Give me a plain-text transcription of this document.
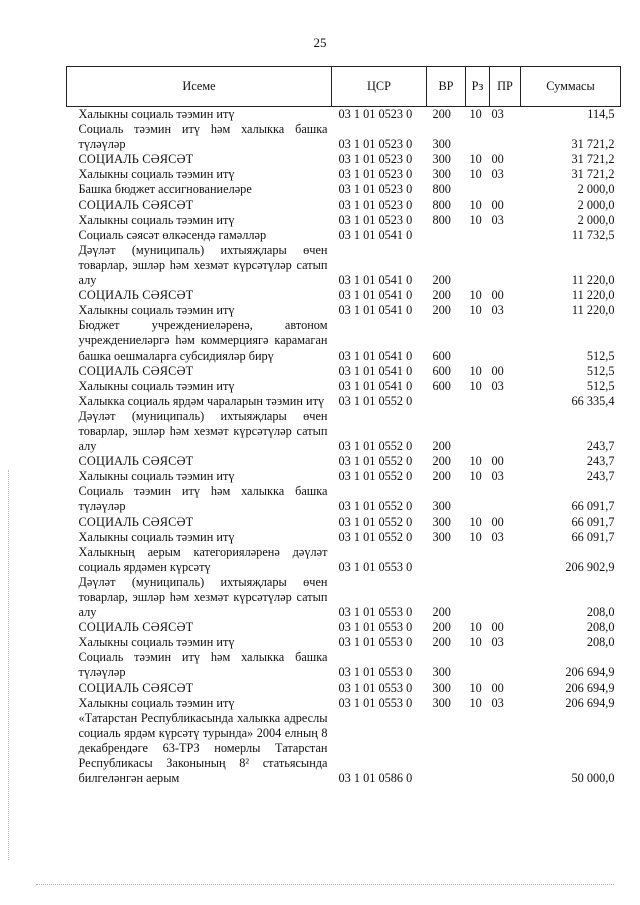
25
Исеме	ЦСР	ВР	Рз	ПР	Суммасы
Халыкны социаль тәэмин итү	03 1 01 0523 0	200	10	03	114,5
Социаль тәэмин итү һәм халыкка башка түләүләр	03 1 01 0523 0	300			31 721,2
СОЦИАЛЬ СӘЯСӘТ	03 1 01 0523 0	300	10	00	31 721,2
Халыкны социаль тәэмин итү	03 1 01 0523 0	300	10	03	31 721,2
Башка бюджет ассигнованиеләре	03 1 01 0523 0	800			2 000,0
СОЦИАЛЬ СӘЯСӘТ	03 1 01 0523 0	800	10	00	2 000,0
Халыкны социаль тәэмин итү	03 1 01 0523 0	800	10	03	2 000,0
Социаль сәясәт өлкәсендә гамәлләр	03 1 01 0541 0				11 732,5
Дәүләт (муниципаль) ихтыяҗлары өчен товарлар, эшләр һәм хезмәт күрсәтүләр сатып алу	03 1 01 0541 0	200			11 220,0
СОЦИАЛЬ СӘЯСӘТ	03 1 01 0541 0	200	10	00	11 220,0
Халыкны социаль тәэмин итү	03 1 01 0541 0	200	10	03	11 220,0
Бюджет учреждениеләренә, автоном учреждениеләргә һәм коммерциягә карамаган башка оешмаларга субсидияләр бирү	03 1 01 0541 0	600			512,5
СОЦИАЛЬ СӘЯСӘТ	03 1 01 0541 0	600	10	00	512,5
Халыкны социаль тәэмин итү	03 1 01 0541 0	600	10	03	512,5
Халыкка социаль ярдәм чараларын тәэмин итү	03 1 01 0552 0				66 335,4
Дәүләт (муниципаль) ихтыяҗлары өчен товарлар, эшләр һәм хезмәт күрсәтүләр сатып алу	03 1 01 0552 0	200			243,7
СОЦИАЛЬ СӘЯСӘТ	03 1 01 0552 0	200	10	00	243,7
Халыкны социаль тәэмин итү	03 1 01 0552 0	200	10	03	243,7
Социаль тәэмин итү һәм халыкка башка түләүләр	03 1 01 0552 0	300			66 091,7
СОЦИАЛЬ СӘЯСӘТ	03 1 01 0552 0	300	10	00	66 091,7
Халыкны социаль тәэмин итү	03 1 01 0552 0	300	10	03	66 091,7
Халыкның аерым категорияләренә дәүләт социаль ярдәмен күрсәтү	03 1 01 0553 0				206 902,9
Дәүләт (муниципаль) ихтыяҗлары өчен товарлар, эшләр һәм хезмәт күрсәтүләр сатып алу	03 1 01 0553 0	200			208,0
СОЦИАЛЬ СӘЯСӘТ	03 1 01 0553 0	200	10	00	208,0
Халыкны социаль тәэмин итү	03 1 01 0553 0	200	10	03	208,0
Социаль тәэмин итү һәм халыкка башка түләүләр	03 1 01 0553 0	300			206 694,9
СОЦИАЛЬ СӘЯСӘТ	03 1 01 0553 0	300	10	00	206 694,9
Халыкны социаль тәэмин итү	03 1 01 0553 0	300	10	03	206 694,9
«Татарстан Республикасында халыкка адреслы социаль ярдәм күрсәтү турында» 2004 елның 8 декабрендәге 63-ТРЗ номерлы Татарстан Республикасы Законының 8² статьясында билгеләнгән аерым	03 1 01 0586 0				50 000,0
